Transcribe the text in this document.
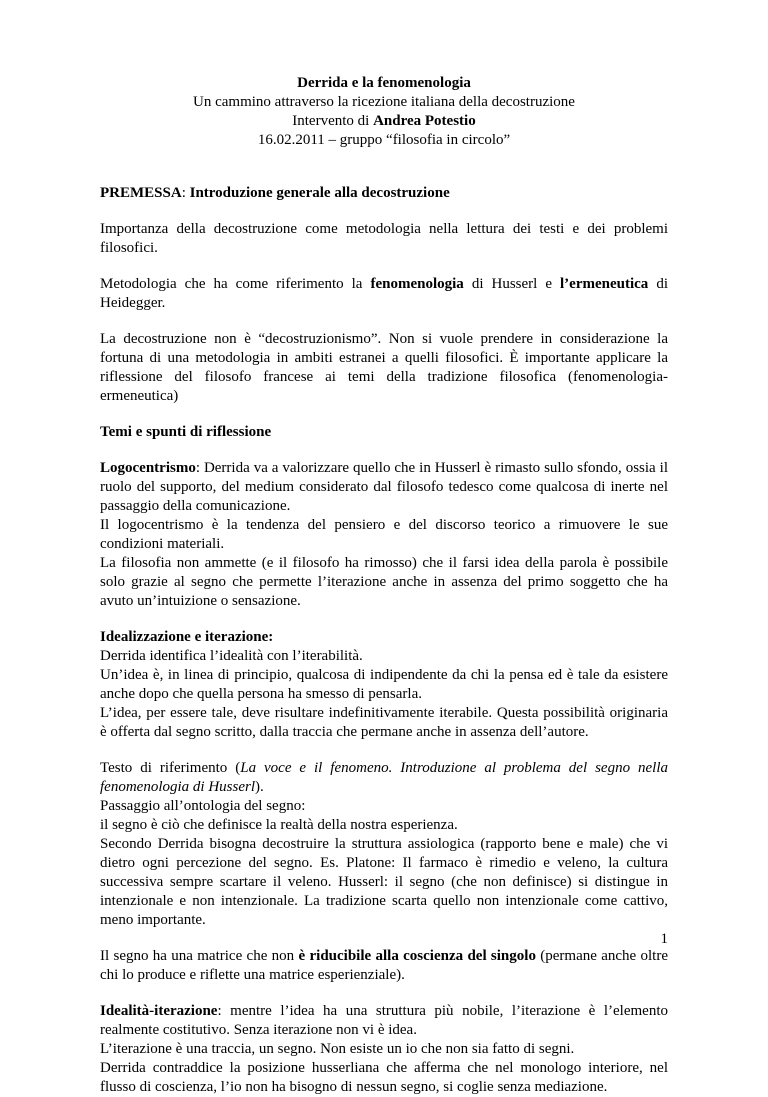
Derrida e la fenomenologia
Un cammino attraverso la ricezione italiana della decostruzione
Intervento di Andrea Potestio
16.02.2011 – gruppo “filosofia in circolo”

PREMESSA: Introduzione generale alla decostruzione

Importanza della decostruzione come metodologia nella lettura dei testi e dei problemi filosofici.

Metodologia che ha come riferimento la fenomenologia di Husserl e l’ermeneutica di Heidegger.

La decostruzione non è “decostruzionismo”. Non si vuole prendere in considerazione la fortuna di una metodologia in ambiti estranei a quelli filosofici. È importante applicare la riflessione del filosofo francese ai temi della tradizione filosofica (fenomenologia-ermeneutica)

Temi e spunti di riflessione

Logocentrismo: Derrida va a valorizzare quello che in Husserl è rimasto sullo sfondo, ossia il ruolo del supporto, del medium considerato dal filosofo tedesco come qualcosa di inerte nel passaggio della comunicazione.

Il logocentrismo è la tendenza del pensiero e del discorso teorico a rimuovere le sue condizioni materiali.

La filosofia non ammette (e il filosofo ha rimosso) che il farsi idea della parola è possibile solo grazie al segno che permette l’iterazione anche in assenza del primo soggetto che ha avuto un’intuizione o sensazione.

Idealizzazione e iterazione:

Derrida identifica l’idealità con l’iterabilità.

Un’idea è, in linea di principio, qualcosa di indipendente da chi la pensa ed è tale da esistere anche dopo che quella persona ha smesso di pensarla.

L’idea, per essere tale, deve risultare indefinitivamente iterabile. Questa possibilità originaria è offerta dal segno scritto, dalla traccia che permane anche in assenza dell’autore.

Testo di riferimento (La voce e il fenomeno. Introduzione al problema del segno nella fenomenologia di Husserl).

Passaggio all’ontologia del segno:

il segno è ciò che definisce la realtà della nostra esperienza.

Secondo Derrida bisogna decostruire la struttura assiologica (rapporto bene e male) che vi dietro ogni percezione del segno. Es. Platone: Il farmaco è rimedio e veleno, la cultura successiva sempre scartare il veleno. Husserl: il segno (che non definisce) si distingue in intenzionale e non intenzionale. La tradizione scarta quello non intenzionale come cattivo, meno importante.

Il segno ha una matrice che non è riducibile alla coscienza del singolo (permane anche oltre chi lo produce e riflette una matrice esperienziale).

Idealità-iterazione: mentre l’idea ha una struttura più nobile, l’iterazione è l’elemento realmente costitutivo. Senza iterazione non vi è idea.

L’iterazione è una traccia, un segno. Non esiste un io che non sia fatto di segni.

Derrida contraddice la posizione husserliana che afferma che nel monologo interiore, nel flusso di coscienza, l’io non ha bisogno di nessun segno, si coglie senza mediazione.

1
